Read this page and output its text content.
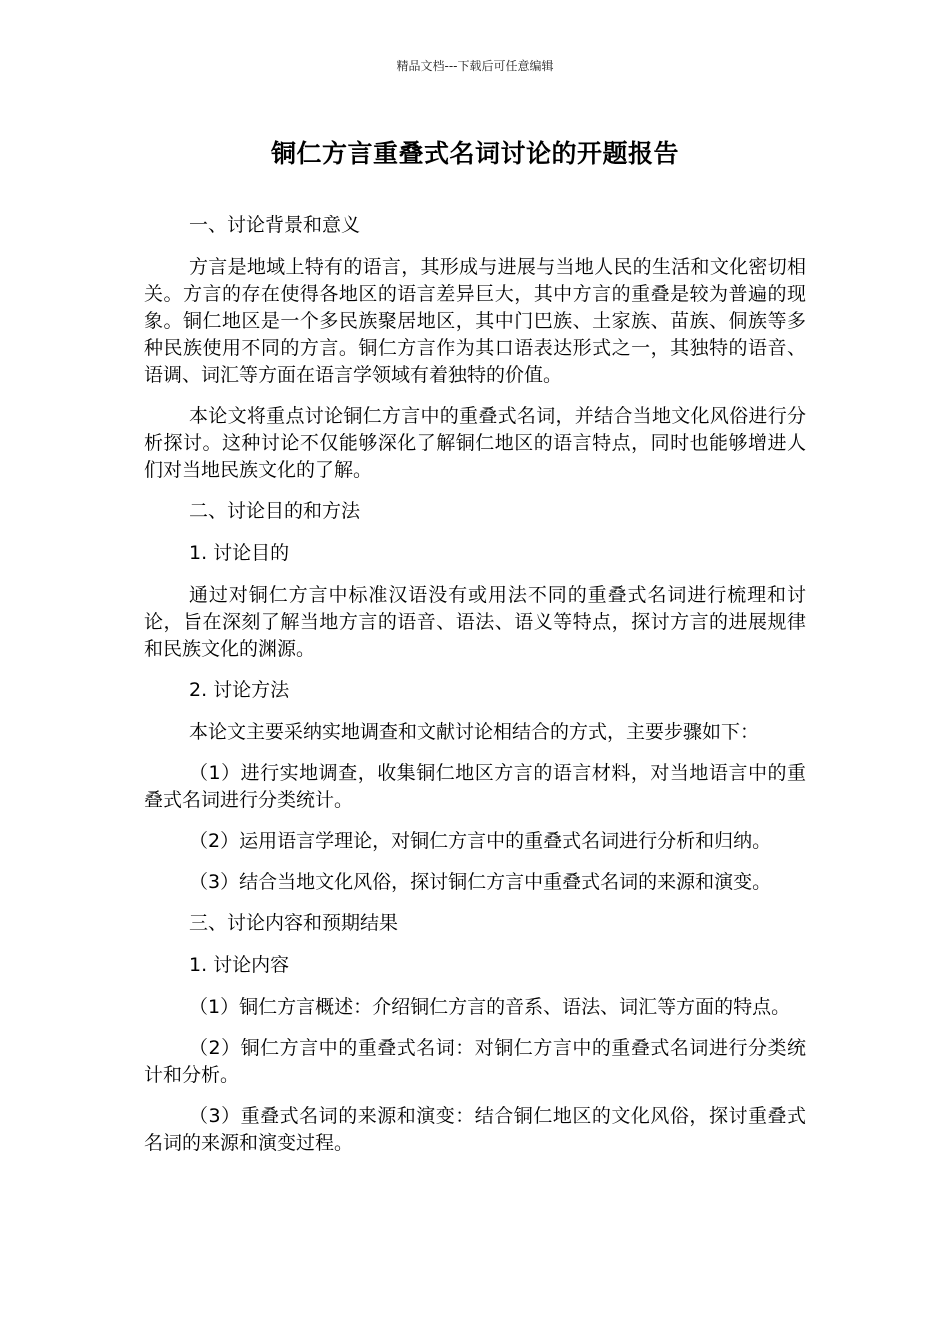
精品文档---下载后可任意编辑
铜仁方言重叠式名词讨论的开题报告

一、讨论背景和意义

方言是地域上特有的语言，其形成与进展与当地人民的生活和文化密切相关。方言的存在使得各地区的语言差异巨大，其中方言的重叠是较为普遍的现象。铜仁地区是一个多民族聚居地区，其中门巴族、土家族、苗族、侗族等多种民族使用不同的方言。铜仁方言作为其口语表达形式之一，其独特的语音、语调、词汇等方面在语言学领域有着独特的价值。

本论文将重点讨论铜仁方言中的重叠式名词，并结合当地文化风俗进行分析探讨。这种讨论不仅能够深化了解铜仁地区的语言特点，同时也能够增进人们对当地民族文化的了解。

二、讨论目的和方法

1. 讨论目的

通过对铜仁方言中标准汉语没有或用法不同的重叠式名词进行梳理和讨论，旨在深刻了解当地方言的语音、语法、语义等特点，探讨方言的进展规律和民族文化的渊源。

2. 讨论方法

本论文主要采纳实地调查和文献讨论相结合的方式，主要步骤如下：

（1）进行实地调查，收集铜仁地区方言的语言材料，对当地语言中的重叠式名词进行分类统计。

（2）运用语言学理论，对铜仁方言中的重叠式名词进行分析和归纳。

（3）结合当地文化风俗，探讨铜仁方言中重叠式名词的来源和演变。

三、讨论内容和预期结果

1. 讨论内容

（1）铜仁方言概述：介绍铜仁方言的音系、语法、词汇等方面的特点。

（2）铜仁方言中的重叠式名词：对铜仁方言中的重叠式名词进行分类统计和分析。

（3）重叠式名词的来源和演变：结合铜仁地区的文化风俗，探讨重叠式名词的来源和演变过程。
